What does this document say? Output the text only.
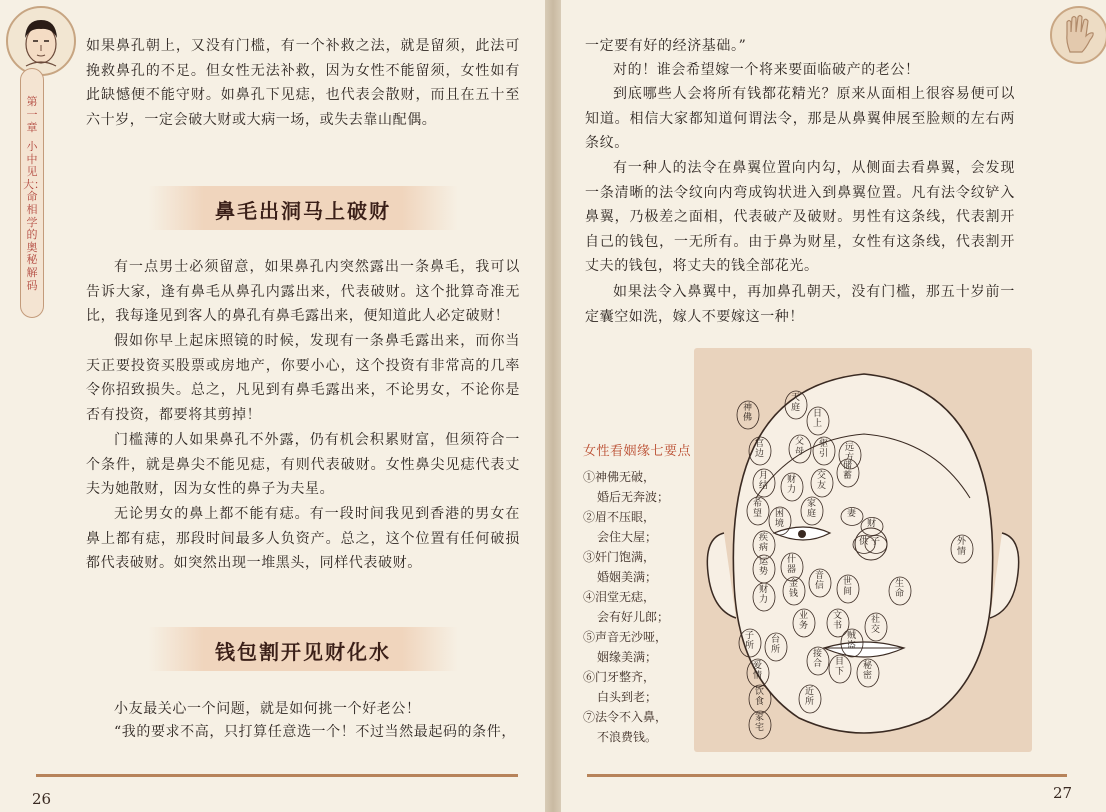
第一章
小中见大：命相学的奥秘解码

如果鼻孔朝上，又没有门槛，有一个补救之法，就是留须，此法可挽救鼻孔的不足。但女性无法补救，因为女性不能留须，女性如有此缺憾便不能守财。如鼻孔下见痣，也代表会散财，而且在五十至六十岁，一定会破大财或大病一场，或失去靠山配偶。

鼻毛出洞马上破财

有一点男士必须留意，如果鼻孔内突然露出一条鼻毛，我可以告诉大家，逢有鼻毛从鼻孔内露出来，代表破财。这个批算奇准无比，我每逢见到客人的鼻孔有鼻毛露出来，便知道此人必定破财！

假如你早上起床照镜的时候，发现有一条鼻毛露出来，而你当天正要投资买股票或房地产，你要小心，这个投资有非常高的几率令你招致损失。总之，凡见到有鼻毛露出来，不论男女，不论你是否有投资，都要将其剪掉！

门槛薄的人如果鼻孔不外露，仍有机会积累财富，但须符合一个条件，就是鼻尖不能见痣，有则代表破财。女性鼻尖见痣代表丈夫为她散财，因为女性的鼻子为夫星。

无论男女的鼻上都不能有痣。有一段时间我见到香港的男女在鼻上都有痣，那段时间最多人负资产。总之，这个位置有任何破损都代表破财。如突然出现一堆黑头，同样代表破财。

钱包割开见财化水

小友最关心一个问题，就是如何挑一个好老公！

“我的要求不高，只打算任意选一个！不过当然最起码的条件，

26

一定要有好的经济基础。”

对的！谁会希望嫁一个将来要面临破产的老公！

到底哪些人会将所有钱都花精光？原来从面相上很容易便可以知道。相信大家都知道何谓法令，那是从鼻翼伸展至脸颊的左右两条纹。

有一种人的法令在鼻翼位置向内勾，从侧面去看鼻翼，会发现一条清晰的法令纹向内弯成钩状进入到鼻翼位置。凡有法令纹铲入鼻翼，乃极差之面相，代表破产及破财。男性有这条线，代表割开自己的钱包，一无所有。由于鼻为财星，女性有这条线，代表割开丈夫的钱包，将丈夫的钱全部花光。

如果法令入鼻翼中，再加鼻孔朝天，没有门槛，那五十岁前一定囊空如洗，嫁人不要嫁这一种！

女性看姻缘七要点
①神佛无破，
婚后无奔波；
②眉不压眼，
会住大屋；
③奸门饱满，
婚姻美满；
④泪堂无痣，
会有好儿郎；
⑤声音无沙哑，
姻缘美满；
⑥门牙整齐，
白头到老；
⑦法令不入鼻，
不浪费钱。
神佛
天庭
日上
官边
父母
驱引
远方
月结
财力
交友
储蓄
希望
家庭
困境
妻
财
疾病
供 子
运势
什器
外情
财力
金钱
音信 世间
生命
业务
文书
社交
子所
台所
贼盗
爱情
接合 目下
秘密
饮食
近所
家宅
27
